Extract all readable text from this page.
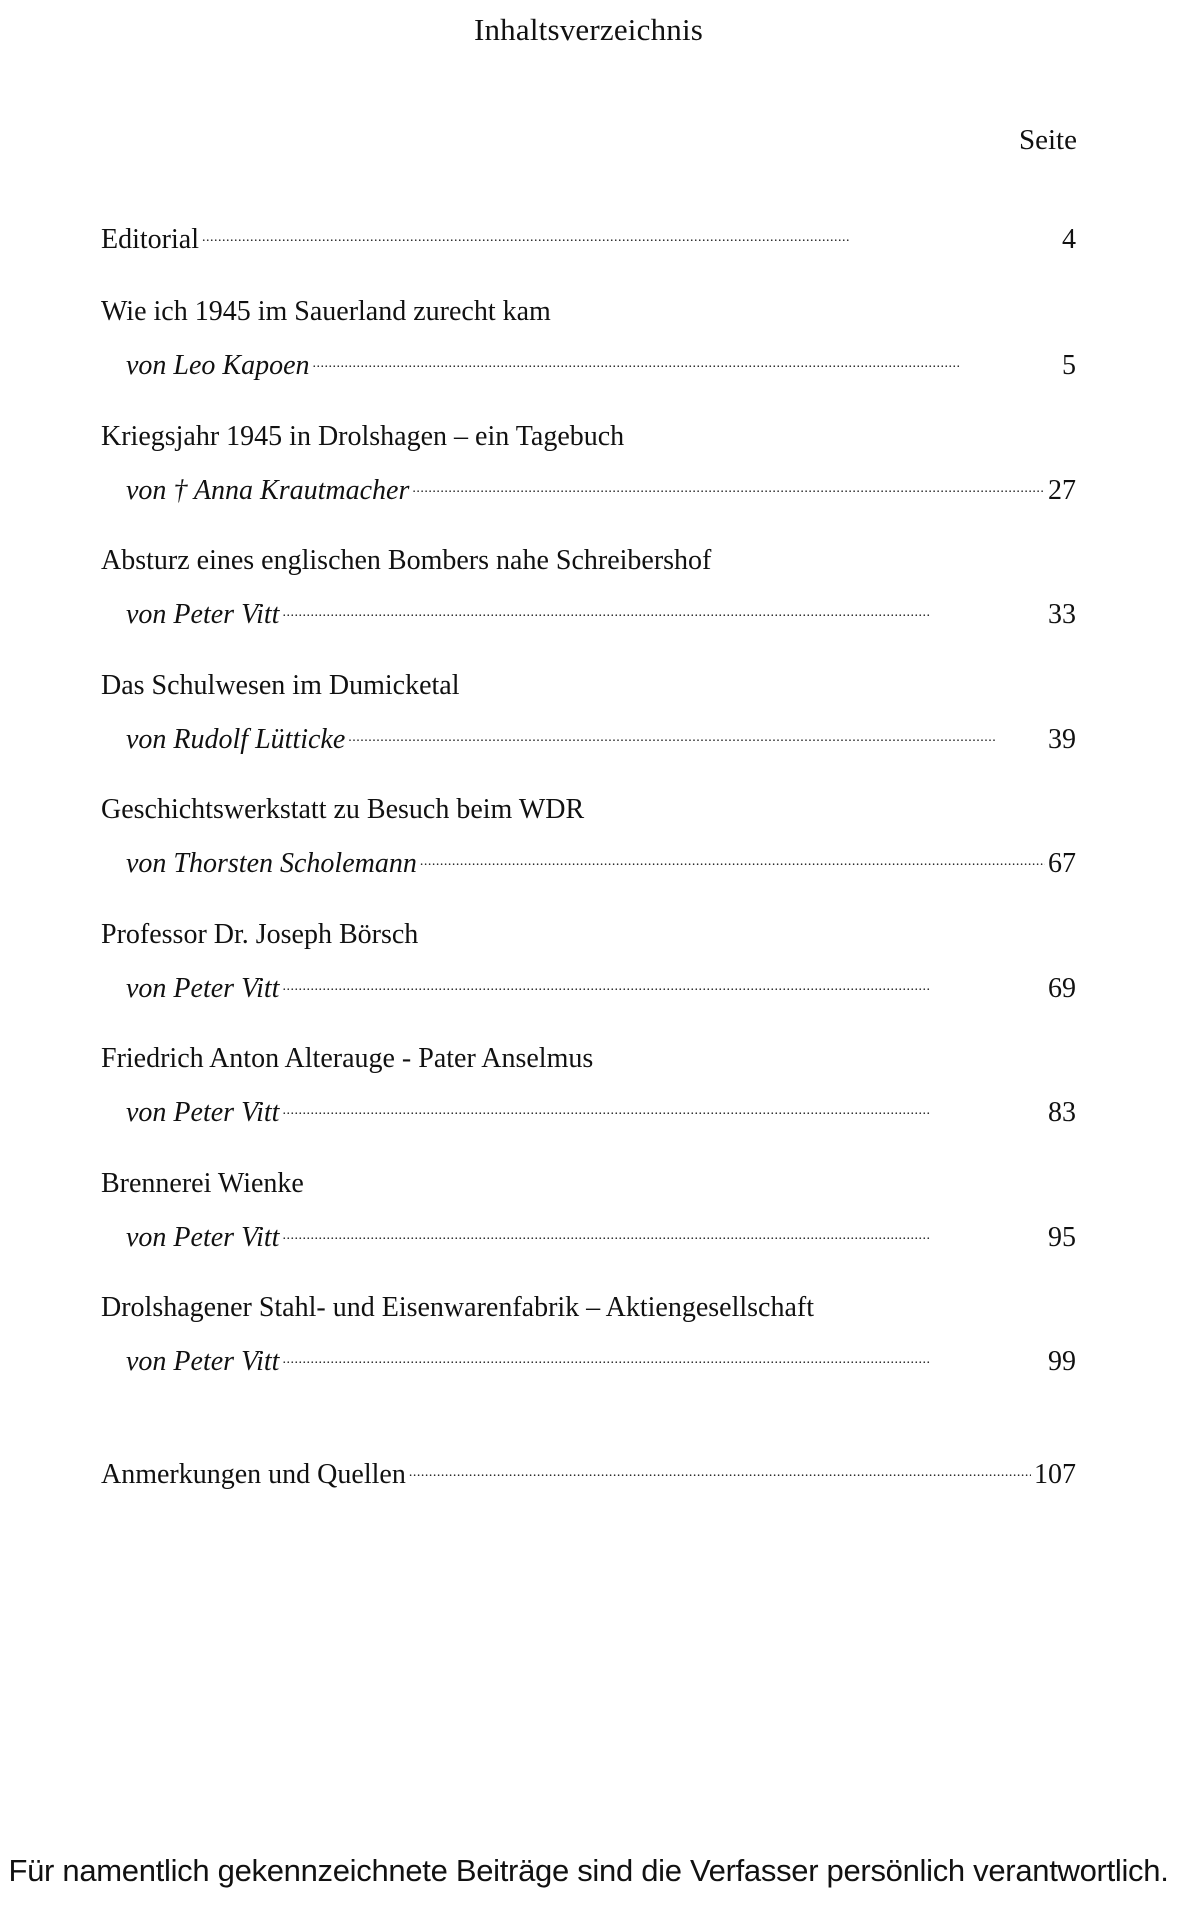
Inhaltsverzeichnis
Seite
Editorial . . .	4
Wie ich 1945 im Sauerland zurecht kam
von Leo Kapoen . . .	5
Kriegsjahr 1945 in Drolshagen – ein Tagebuch
von † Anna Krautmacher . . .	27
Absturz eines englischen Bombers nahe Schreibershof
von Peter Vitt . . .	33
Das Schulwesen im Dumicketal
von Rudolf Lütticke . . .	39
Geschichtswerkstatt zu Besuch beim WDR
von Thorsten Scholemann . . .	67
Professor Dr. Joseph Börsch
von Peter Vitt . . .	69
Friedrich Anton Alterauge - Pater Anselmus
von Peter Vitt . . .	83
Brennerei Wienke
von Peter Vitt . . .	95
Drolshagener Stahl- und Eisenwarenfabrik – Aktiengesellschaft
von Peter Vitt . . .	99
Anmerkungen und Quellen . . .	107
Für namentlich gekennzeichnete Beiträge sind die Verfasser persönlich verantwortlich.
